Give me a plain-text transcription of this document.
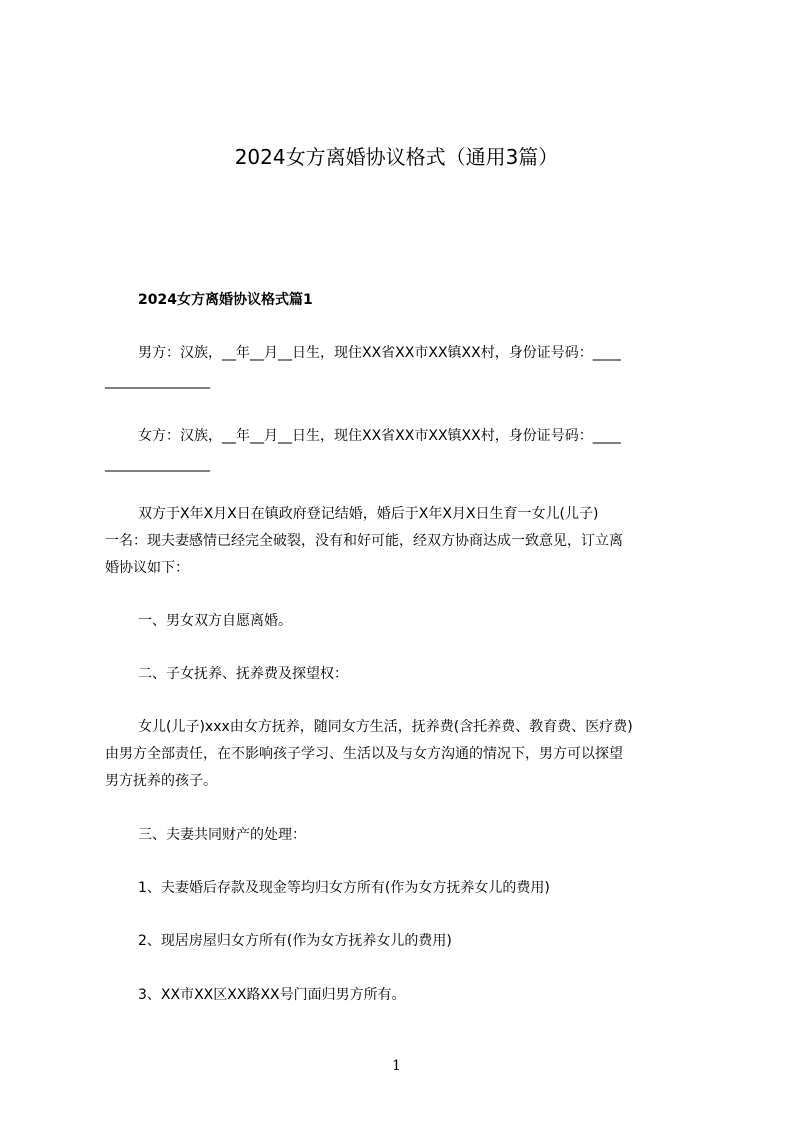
2024女方离婚协议格式（通用3篇）
2024女方离婚协议格式篇1
男方：汉族，__年__月__日生，现住XX省XX市XX镇XX村，身份证号码：____
_______________
女方：汉族，__年__月__日生，现住XX省XX市XX镇XX村，身份证号码：____
_______________
双方于X年X月X日在镇政府登记结婚，婚后于X年X月X日生育一女儿(儿子)
一名：现夫妻感情已经完全破裂，没有和好可能，经双方协商达成一致意见，订立离
婚协议如下：
一、男女双方自愿离婚。
二、子女抚养、抚养费及探望权：
女儿(儿子)xxx由女方抚养，随同女方生活，抚养费(含托养费、教育费、医疗费)
由男方全部责任，在不影响孩子学习、生活以及与女方沟通的情况下，男方可以探望
男方抚养的孩子。
三、夫妻共同财产的处理：
1、夫妻婚后存款及现金等均归女方所有(作为女方抚养女儿的费用)
2、现居房屋归女方所有(作为女方抚养女儿的费用)
3、XX市XX区XX路XX号门面归男方所有。
1
